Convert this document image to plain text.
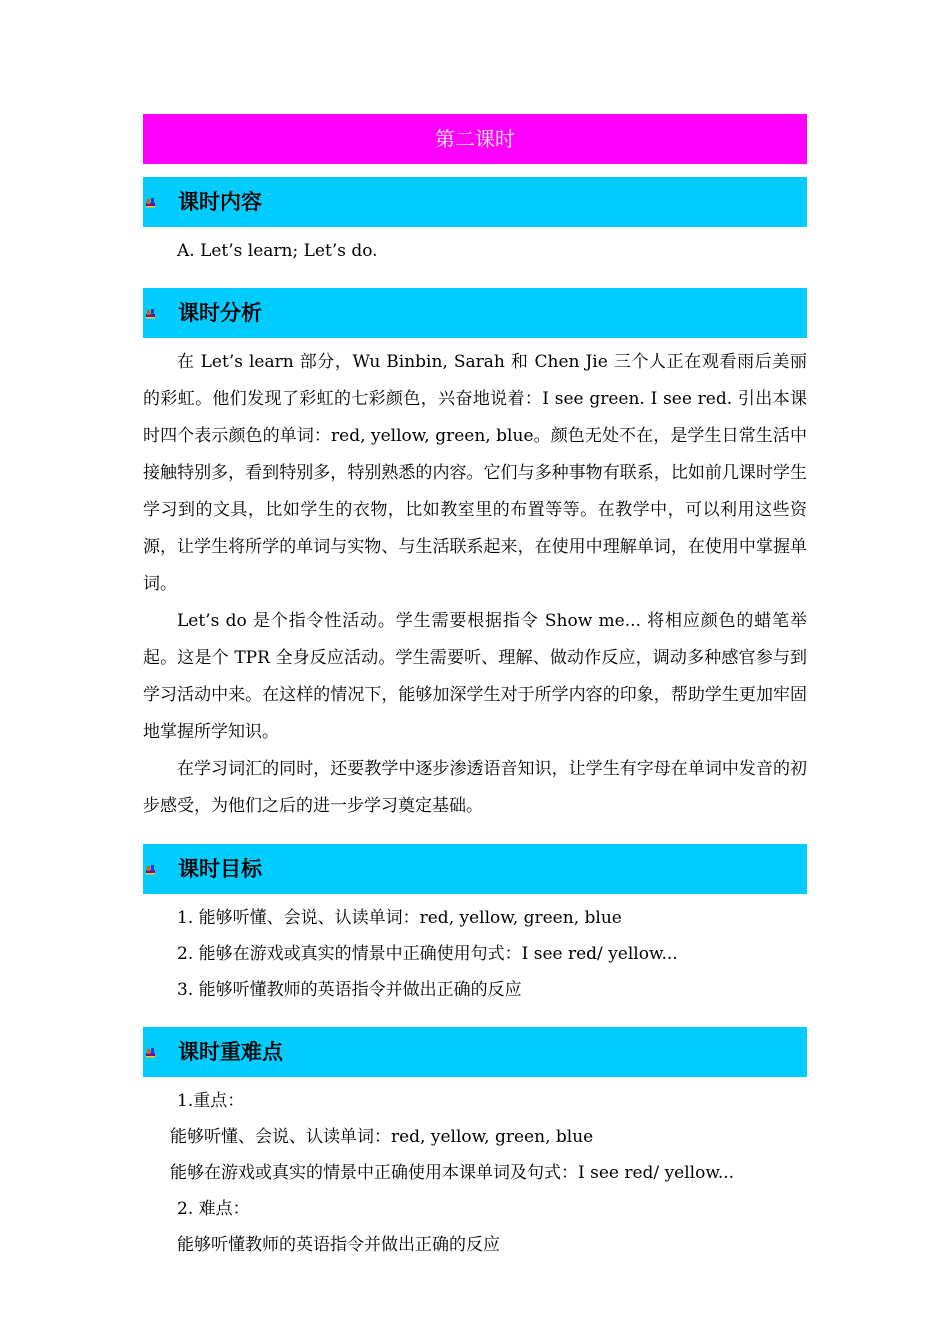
第二课时
课时内容

A. Let’s learn; Let’s do.

课时分析

在 Let’s learn 部分，Wu Binbin, Sarah 和 Chen Jie 三个人正在观看雨后美丽的彩虹。他们发现了彩虹的七彩颜色，兴奋地说着：I see green. I see red. 引出本课时四个表示颜色的单词：red, yellow, green, blue。颜色无处不在，是学生日常生活中接触特别多，看到特别多，特别熟悉的内容。它们与多种事物有联系，比如前几课时学生学习到的文具，比如学生的衣物，比如教室里的布置等等。在教学中，可以利用这些资源，让学生将所学的单词与实物、与生活联系起来，在使用中理解单词，在使用中掌握单词。

Let’s do 是个指令性活动。学生需要根据指令 Show me... 将相应颜色的蜡笔举起。这是个 TPR 全身反应活动。学生需要听、理解、做动作反应，调动多种感官参与到学习活动中来。在这样的情况下，能够加深学生对于所学内容的印象，帮助学生更加牢固地掌握所学知识。

在学习词汇的同时，还要教学中逐步渗透语音知识，让学生有字母在单词中发音的初步感受，为他们之后的进一步学习奠定基础。

课时目标

1. 能够听懂、会说、认读单词：red, yellow, green, blue

2. 能够在游戏或真实的情景中正确使用句式：I see red/ yellow...

3. 能够听懂教师的英语指令并做出正确的反应

课时重难点

1.重点：

能够听懂、会说、认读单词：red, yellow, green, blue

能够在游戏或真实的情景中正确使用本课单词及句式：I see red/ yellow...

2. 难点：

能够听懂教师的英语指令并做出正确的反应
